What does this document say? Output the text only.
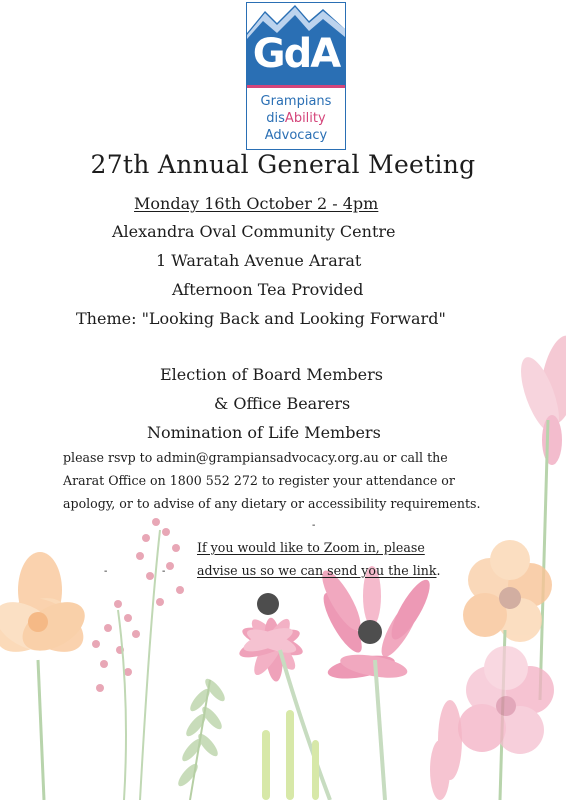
GdA
Grampians
disAbility
Advocacy
27th Annual General Meeting
Monday 16th October 2 - 4pm
Alexandra Oval Community Centre
1 Waratah Avenue Ararat
Afternoon Tea Provided
Theme: "Looking Back and Looking Forward"
Election of Board Members
& Office Bearers
Nomination of Life Members
please rsvp to admin@grampiansadvocacy.org.au or call the
Ararat Office on 1800 552 272 to register your attendance or
apology, or to advise of any dietary or accessibility requirements.
-
If you would like to Zoom in, please
-	-	advise us so we can send you the link.
